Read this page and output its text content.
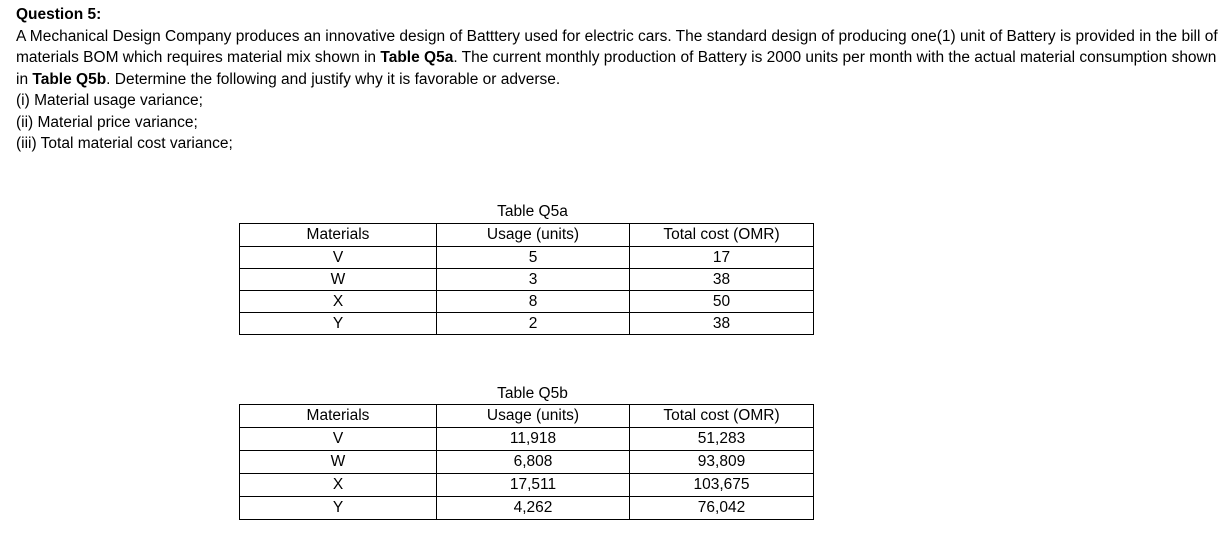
Question 5:

A Mechanical Design Company produces an innovative design of Batttery used for electric cars. The standard design of producing one(1) unit of Battery is provided in the bill of materials BOM which requires material mix shown in Table Q5a. The current monthly production of Battery is 2000 units per month with the actual material consumption shown in Table Q5b. Determine the following and justify why it is favorable or adverse.

(i) Material usage variance;
(ii) Material price variance;
(iii) Total material cost variance;
Table Q5a
Materials	Usage (units)	Total cost (OMR)
V	5	17
W	3	38
X	8	50
Y	2	38
Table Q5b
Materials	Usage (units)	Total cost (OMR)
V	11,918	51,283
W	6,808	93,809
X	17,511	103,675
Y	4,262	76,042
